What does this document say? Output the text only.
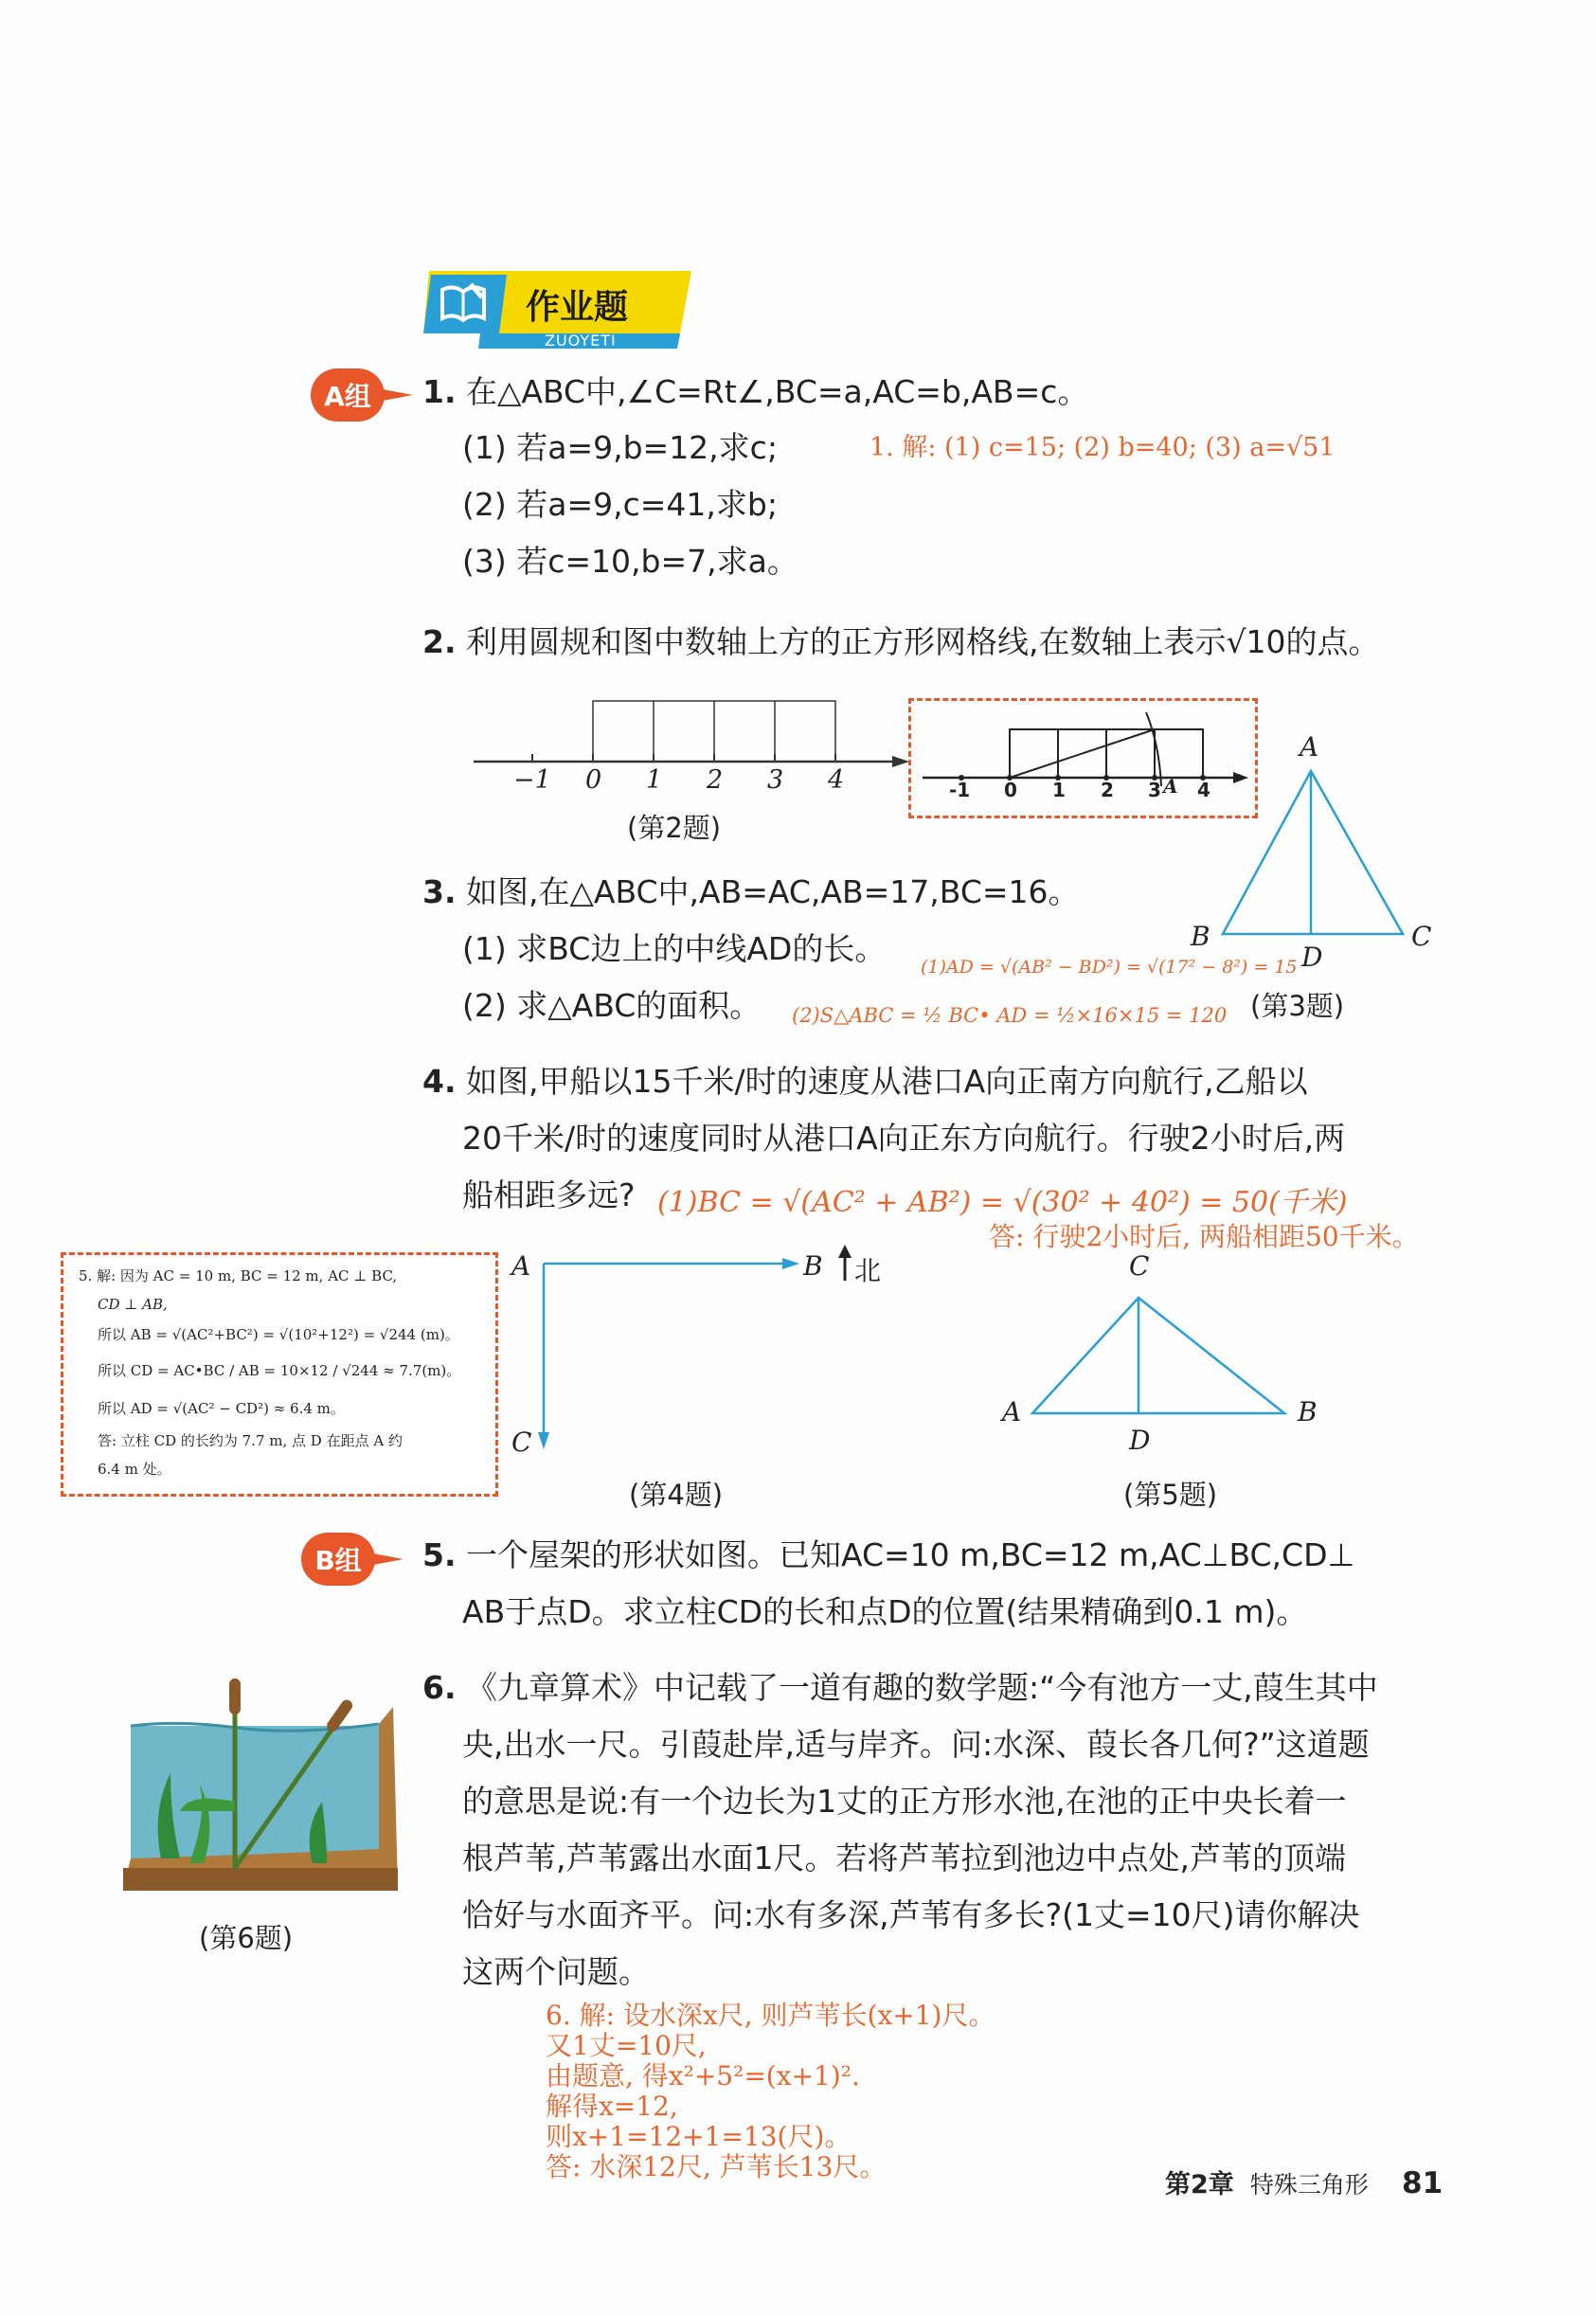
作业题
ZUOYETI
A组	1. 在△ABC中,∠C=Rt∠,BC=a,AC=b,AB=c。
(1) 若a=9,b=12,求c;
(2) 若a=9,c=41,求b;
(3) 若c=10,b=7,求a。
1. 解: (1) c=15; (2) b=40; (3) a=√51
2. 利用圆规和图中数轴上方的正方形网格线,在数轴上表示√10的点。
−1 0 1 2 3 4
(第2题)
-1 0 1 2 3 A 4
3. 如图,在△ABC中,AB=AC,AB=17,BC=16。
(1) 求BC边上的中线AD的长。
(2) 求△ABC的面积。
(1)AD = √(AB² − BD²) = √(17² − 8²) = 15
(2)S△ABC = ½ BC• AD = ½×16×15 = 120
A
B	C
D
(第3题)
4. 如图,甲船以15千米/时的速度从港口A向正南方向航行,乙船以
20千米/时的速度同时从港口A向正东方向航行。行驶2小时后,两
船相距多远? (1)BC = √(AC² + AB²) = √(30² + 40²) = 50(千米)
答: 行驶2小时后, 两船相距50千米。
5. 解: 因为 AC = 10 m, BC = 12 m, AC ⊥ BC,
CD ⊥ AB,
所以 AB = √(AC²+BC²) = √(10²+12²) = √244 (m)。
所以 CD = AC•BC / AB = 10×12 / √244 ≈ 7.7(m)。
所以 AD = √(AC² − CD²) ≈ 6.4 m。
答: 立柱 CD 的长约为 7.7 m, 点 D 在距点 A 约
6.4 m 处。
A	B 北
C
(第4题)
C
A	B
D
(第5题)
B组	5. 一个屋架的形状如图。已知AC=10 m,BC=12 m,AC⊥BC,CD⊥
AB于点D。求立柱CD的长和点D的位置(结果精确到0.1 m)。
(第6题)
6. 《九章算术》中记载了一道有趣的数学题:“今有池方一丈,葭生其中
央,出水一尺。引葭赴岸,适与岸齐。问:水深、葭长各几何?”这道题
的意思是说:有一个边长为1丈的正方形水池,在池的正中央长着一
根芦苇,芦苇露出水面1尺。若将芦苇拉到池边中点处,芦苇的顶端
恰好与水面齐平。问:水有多深,芦苇有多长?(1丈=10尺)请你解决
这两个问题。
6. 解: 设水深x尺, 则芦苇长(x+1)尺。
又1丈=10尺,
由题意, 得x²+5²=(x+1)².
解得x=12,
则x+1=12+1=13(尺)。
答: 水深12尺, 芦苇长13尺。
第2章 特殊三角形 81
